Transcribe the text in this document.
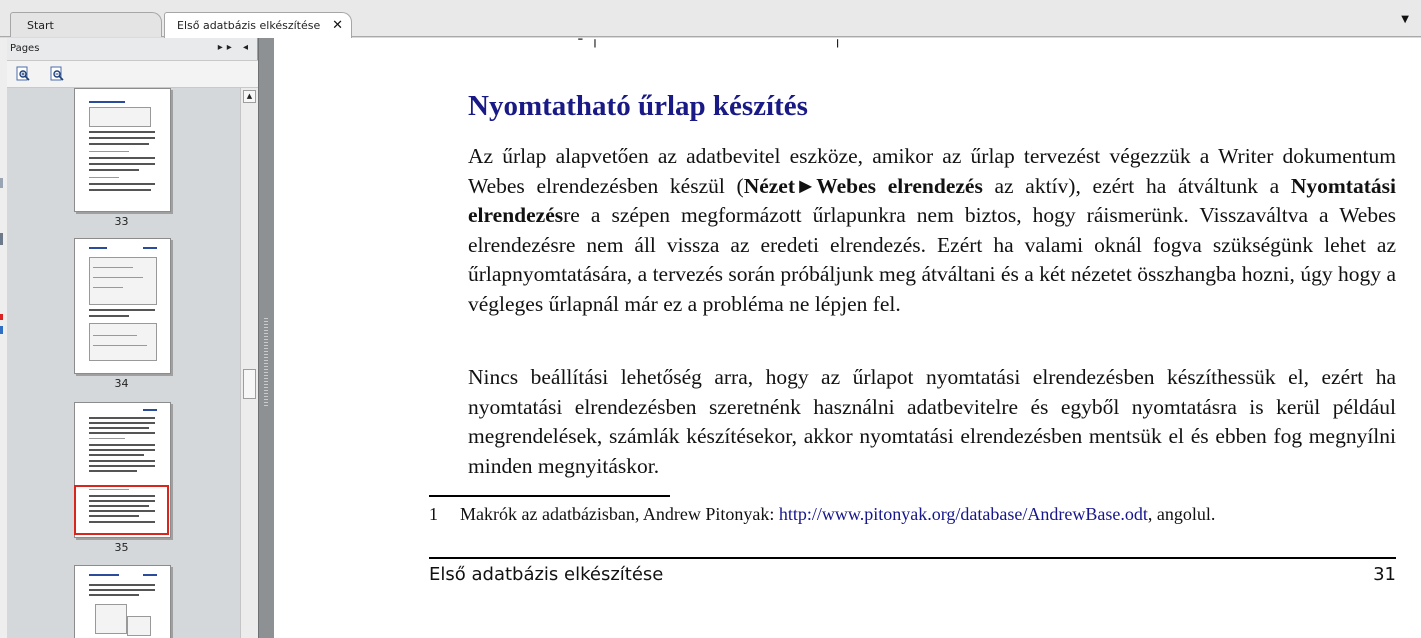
Start	Első adatbázis elkészítése ✕	▼
Pages	▸▸ ◂
33
34
35
▲
╶ ╷                                    ╷
Nyomtatható űrlap készítés

Az űrlap alapvetően az adatbevitel eszköze, amikor az űrlap tervezést végezzük a Writer dokumentum Webes elrendezésben készül (Nézet►Webes elrendezés az aktív), ezért ha átváltunk a Nyomtatási elrendezésre a szépen megformázott űrlapunkra nem biztos, hogy ráismerünk. Visszaváltva a Webes elrendezésre nem áll vissza az eredeti elrendezés. Ezért ha valami oknál fogva szükségünk lehet az űrlapnyomtatására, a tervezés során próbáljunk meg átváltani és a két nézetet összhangba hozni, úgy hogy a végleges űrlapnál már ez a probléma ne lépjen fel.

Nincs beállítási lehetőség arra, hogy az űrlapot nyomtatási elrendezésben készíthessük el, ezért ha nyomtatási elrendezésben szeretnénk használni adatbevitelre és egyből nyomtatásra is kerül például megrendelések, számlák készítésekor, akkor nyomtatási elrendezésben mentsük el és ebben fog megnyílni minden megnyitáskor.

1 Makrók az adatbázisban, Andrew Pitonyak: http://www.pitonyak.org/database/AndrewBase.odt, angolul.
Első adatbázis elkészítése	31
